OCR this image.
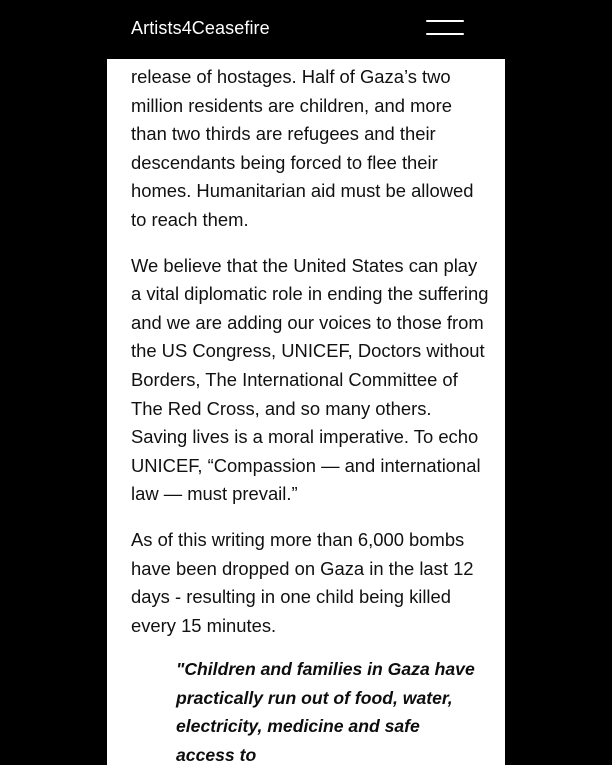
Artists4Ceasefire

release of hostages. Half of Gaza’s two million residents are children, and more than two thirds are refugees and their descendants being forced to flee their homes. Humanitarian aid must be allowed to reach them.

We believe that the United States can play a vital diplomatic role in ending the suffering and we are adding our voices to those from the US Congress, UNICEF, Doctors without Borders, The International Committee of The Red Cross, and so many others. Saving lives is a moral imperative. To echo UNICEF, “Compassion — and international law — must prevail.”

As of this writing more than 6,000 bombs have been dropped on Gaza in the last 12 days - resulting in one child being killed every 15 minutes.

"Children and families in Gaza have practically run out of food, water, electricity, medicine and safe access to
